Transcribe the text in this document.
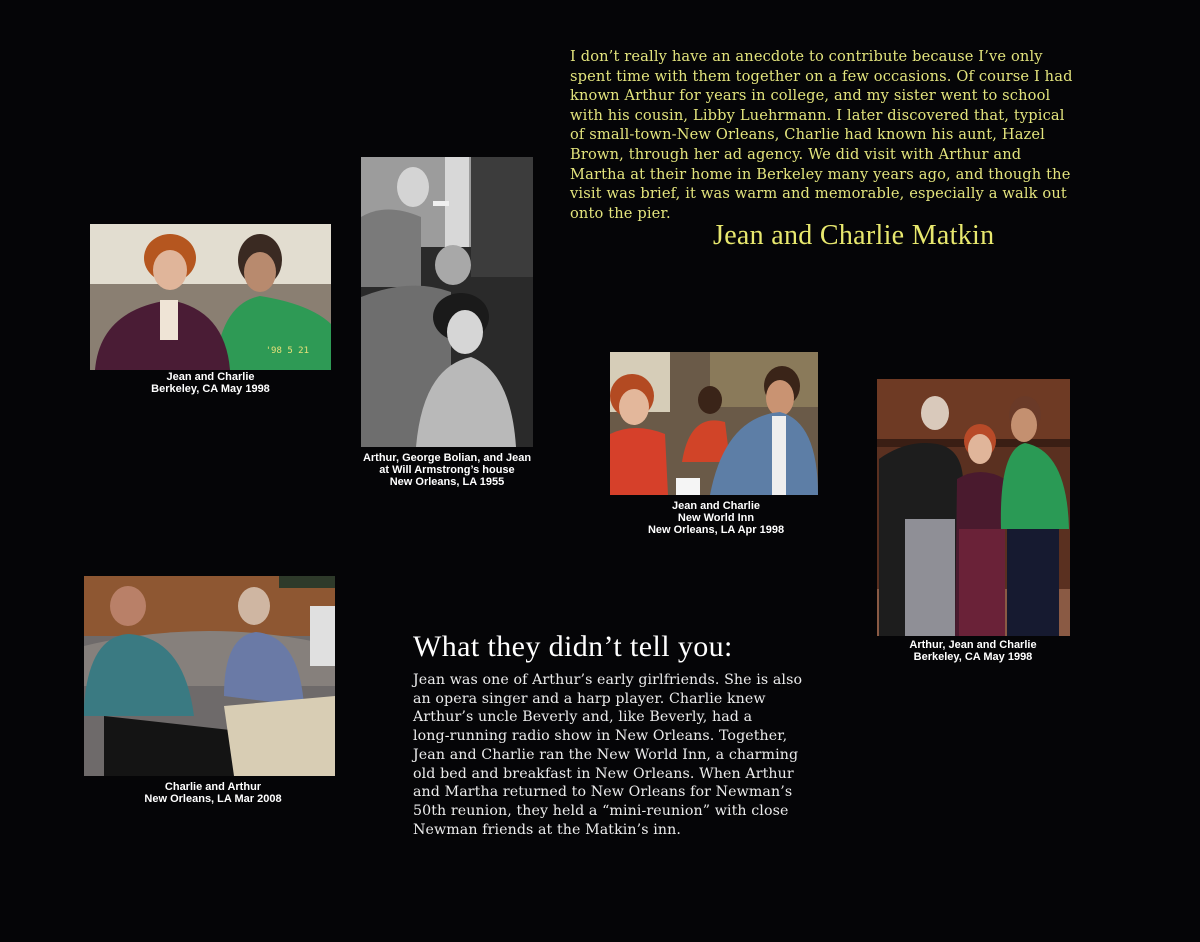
I don’t really have an anecdote to contribute because I’ve only
spent time with them together on a few occasions. Of course I had
known Arthur for years in college, and my sister went to school
with his cousin, Libby Luehrmann. I later discovered that, typical
of small-town-New Orleans, Charlie had known his aunt, Hazel
Brown, through her ad agency. We did visit with Arthur and
Martha at their home in Berkeley many years ago, and though the
visit was brief, it was warm and memorable, especially a walk out
onto the pier.
Jean and Charlie Matkin
'98 5 21
Jean and Charlie
Berkeley, CA May 1998
Arthur, George Bolian, and Jean
at Will Armstrong’s house
New Orleans, LA 1955
Jean and Charlie
New World Inn
New Orleans, LA Apr 1998
Arthur, Jean and Charlie
Berkeley, CA May 1998
Charlie and Arthur
New Orleans, LA Mar 2008
What they didn’t tell you:
Jean was one of Arthur’s early girlfriends. She is also
an opera singer and a harp player. Charlie knew
Arthur’s uncle Beverly and, like Beverly, had a
long-running radio show in New Orleans. Together,
Jean and Charlie ran the New World Inn, a charming
old bed and breakfast in New Orleans. When Arthur
and Martha returned to New Orleans for Newman’s
50th reunion, they held a “mini-reunion” with close
Newman friends at the Matkin’s inn.
